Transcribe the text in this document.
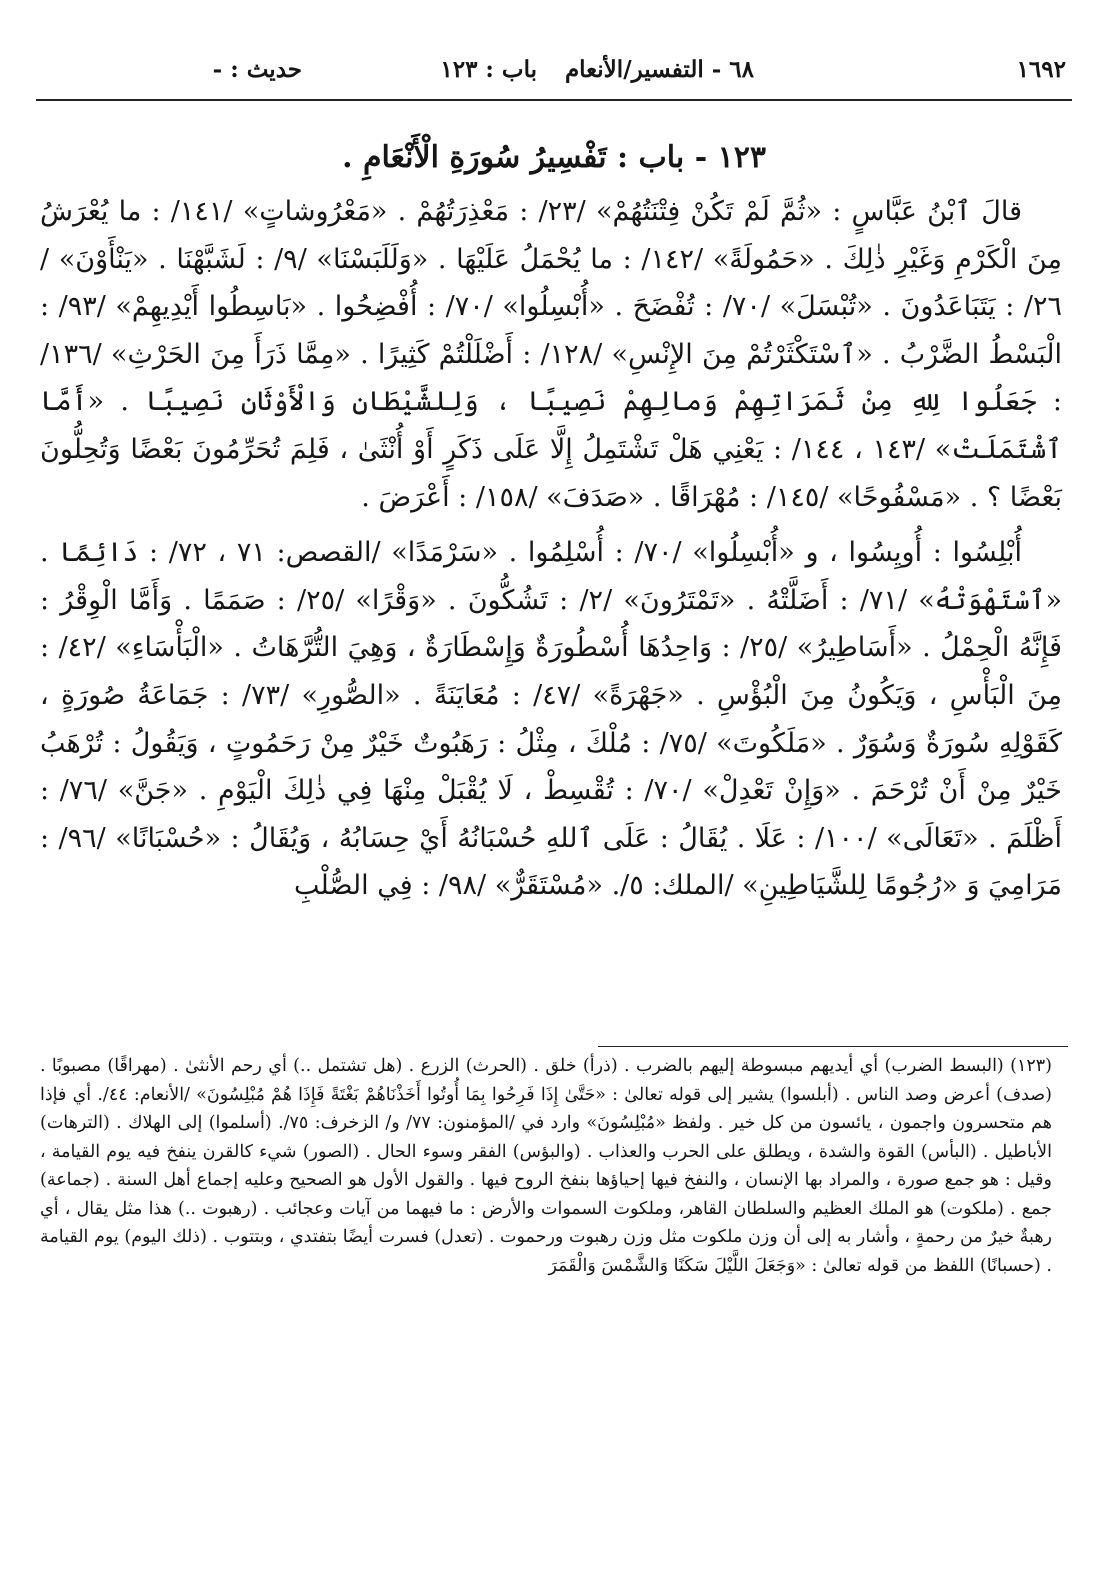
١٦٩٢
٦٨ - التفسير/الأنعام
باب : ١٢٣
حديث : -
١٢٣ - باب : تَفْسِيرُ سُورَةِ الْأَنْعَامِ .

قالَ ٱبْنُ عَبَّاسٍ : «ثُمَّ لَمْ تَكُنْ فِتْنَتُهُمْ» /٢٣/ : مَعْذِرَتُهُمْ . «مَعْرُوشاتٍ» /١٤١/ : ما يُعْرَشُ مِنَ الْكَرْمِ وَغَيْرِ ذٰلِكَ . «حَمُولَةً» /١٤٢/ : ما يُحْمَلُ عَلَيْهَا . «وَلَلَبَسْنَا» /٩/ : لَشَبَّهْنَا . «يَنْأَوْنَ» /٢٦/ : يَتَبَاعَدُونَ . «تُبْسَلَ» /٧٠/ : تُفْضَحَ . «أُبْسِلُوا» /٧٠/ : أُفْضِحُوا . «بَاسِطُوا أَيْدِيهِمْ» /٩٣/ : الْبَسْطُ الضَّرْبُ . «ٱسْتَكْثَرْتُمْ مِنَ الإِنْسِ» /١٢٨/ : أَضْلَلْتُمْ كَثِيرًا . «مِمَّا ذَرَأَ مِنَ الحَرْثِ» /١٣٦/ : جَعَلُوا لِلهِ مِنْ ثَمَرَاتِهِمْ وَمالِهِمْ نَصِيبًا ، وَلِلشَّيْطَانِ وَالْأَوْثَانِ نَصِيبًا . «أَمَّا ٱشْتَمَلَتْ» /١٤٣ ، ١٤٤/ : يَعْنِي هَلْ تَشْتَمِلُ إِلَّا عَلَى ذَكَرٍ أَوْ أُنْثَىٰ ، فَلِمَ تُحَرِّمُونَ بَعْضًا وَتُحِلُّونَ بَعْضًا ؟ . «مَسْفُوحًا» /١٤٥/ : مُهْرَاقًا . «صَدَفَ» /١٥٨/ : أَعْرَضَ .

أُبْلِسُوا : أُويِسُوا ، و «أُبْسِلُوا» /٧٠/ : أُسْلِمُوا . «سَرْمَدًا» /القصص: ٧١ ، ٧٢/ : دَائِمًا . «ٱسْتَهْوَتْهُ» /٧١/ : أَضَلَّتْهُ . «تَمْتَرُونَ» /٢/ : تَشُكُّونَ . «وَقْرًا» /٢٥/ : صَمَمًا . وَأَمَّا الْوِقْرُ : فَإِنَّهُ الْحِمْلُ . «أَسَاطِيرُ» /٢٥/ : وَاحِدُهَا أُسْطُورَةٌ وَإِسْطَارَةٌ ، وَهِيَ التُّرَّهَاتُ . «الْبَأْسَاءِ» /٤٢/ : مِنَ الْبَأْسِ ، وَيَكُونُ مِنَ الْبُؤْسِ . «جَهْرَةً» /٤٧/ : مُعَايَنَةً . «الصُّورِ» /٧٣/ : جَمَاعَةُ صُورَةٍ ، كَقَوْلِهِ سُورَةٌ وَسُوَرٌ . «مَلَكُوتَ» /٧٥/ : مُلْكَ ، مِثْلُ : رَهَبُوتٌ خَيْرٌ مِنْ رَحَمُوتٍ ، وَيَقُولُ : تُرْهَبُ خَيْرٌ مِنْ أَنْ تُرْحَمَ . «وَإِنْ تَعْدِلْ» /٧٠/ : تُقْسِطْ ، لَا يُقْبَلْ مِنْهَا فِي ذٰلِكَ الْيَوْمِ . «جَنَّ» /٧٦/ : أَظْلَمَ . «تَعَالَى» /١٠٠/ : عَلَا . يُقَالُ : عَلَى ٱللهِ حُسْبَانُهُ أَيْ حِسَابُهُ ، وَيُقَالُ : «حُسْبَانًا» /٩٦/ : مَرَامِيَ وَ «رُجُومًا لِلشَّيَاطِينِ» /الملك: ٥/. «مُسْتَقَرٌّ» /٩٨/ : فِي الصُّلْبِ

(١٢٣) (البسط الضرب) أي أيديهم مبسوطة إليهم بالضرب . (ذرأ) خلق . (الحرث) الزرع . (هل تشتمل ..) أي رحم الأنثىٰ . (مهراقًا) مصبوبًا . (صدف) أعرض وصد الناس . (أبلسوا) يشير إلى قوله تعالىٰ : «حَتَّىٰ إِذَا فَرِحُوا بِمَا أُوتُوا أَخَذْنَاهُمْ بَغْتَةً فَإِذَا هُمْ مُبْلِسُونَ» /الأنعام: ٤٤/. أي فإذا هم متحسرون واجمون ، يائسون من كل خير . ولفظ «مُبْلِسُونَ» وارد في /المؤمنون: ٧٧/ و/ الزخرف: ٧٥/. (أسلموا) إلى الهلاك . (الترهات) الأباطيل . (البأس) القوة والشدة ، ويطلق على الحرب والعذاب . (والبؤس) الفقر وسوء الحال . (الصور) شيء كالقرن ينفخ فيه يوم القيامة ، وقيل : هو جمع صورة ، والمراد بها الإنسان ، والنفخ فيها إحياؤها بنفخ الروح فيها . والقول الأول هو الصحيح وعليه إجماع أهل السنة . (جماعة) جمع . (ملكوت) هو الملك العظيم والسلطان القاهر، وملكوت السموات والأرض : ما فيهما من آيات وعجائب . (رهبوت ..) هذا مثل يقال ، أي رهبةٌ خيرٌ من رحمةٍ ، وأشار به إلى أن وزن ملكوت مثل وزن رهبوت ورحموت . (تعدل) فسرت أيضًا بتفتدي ، وبتتوب . (ذلك اليوم) يوم القيامة . (حسبانًا) اللفظ من قوله تعالىٰ : «وَجَعَلَ اللَّيْلَ سَكَنًا وَالشَّمْسَ وَالْقَمَرَ
